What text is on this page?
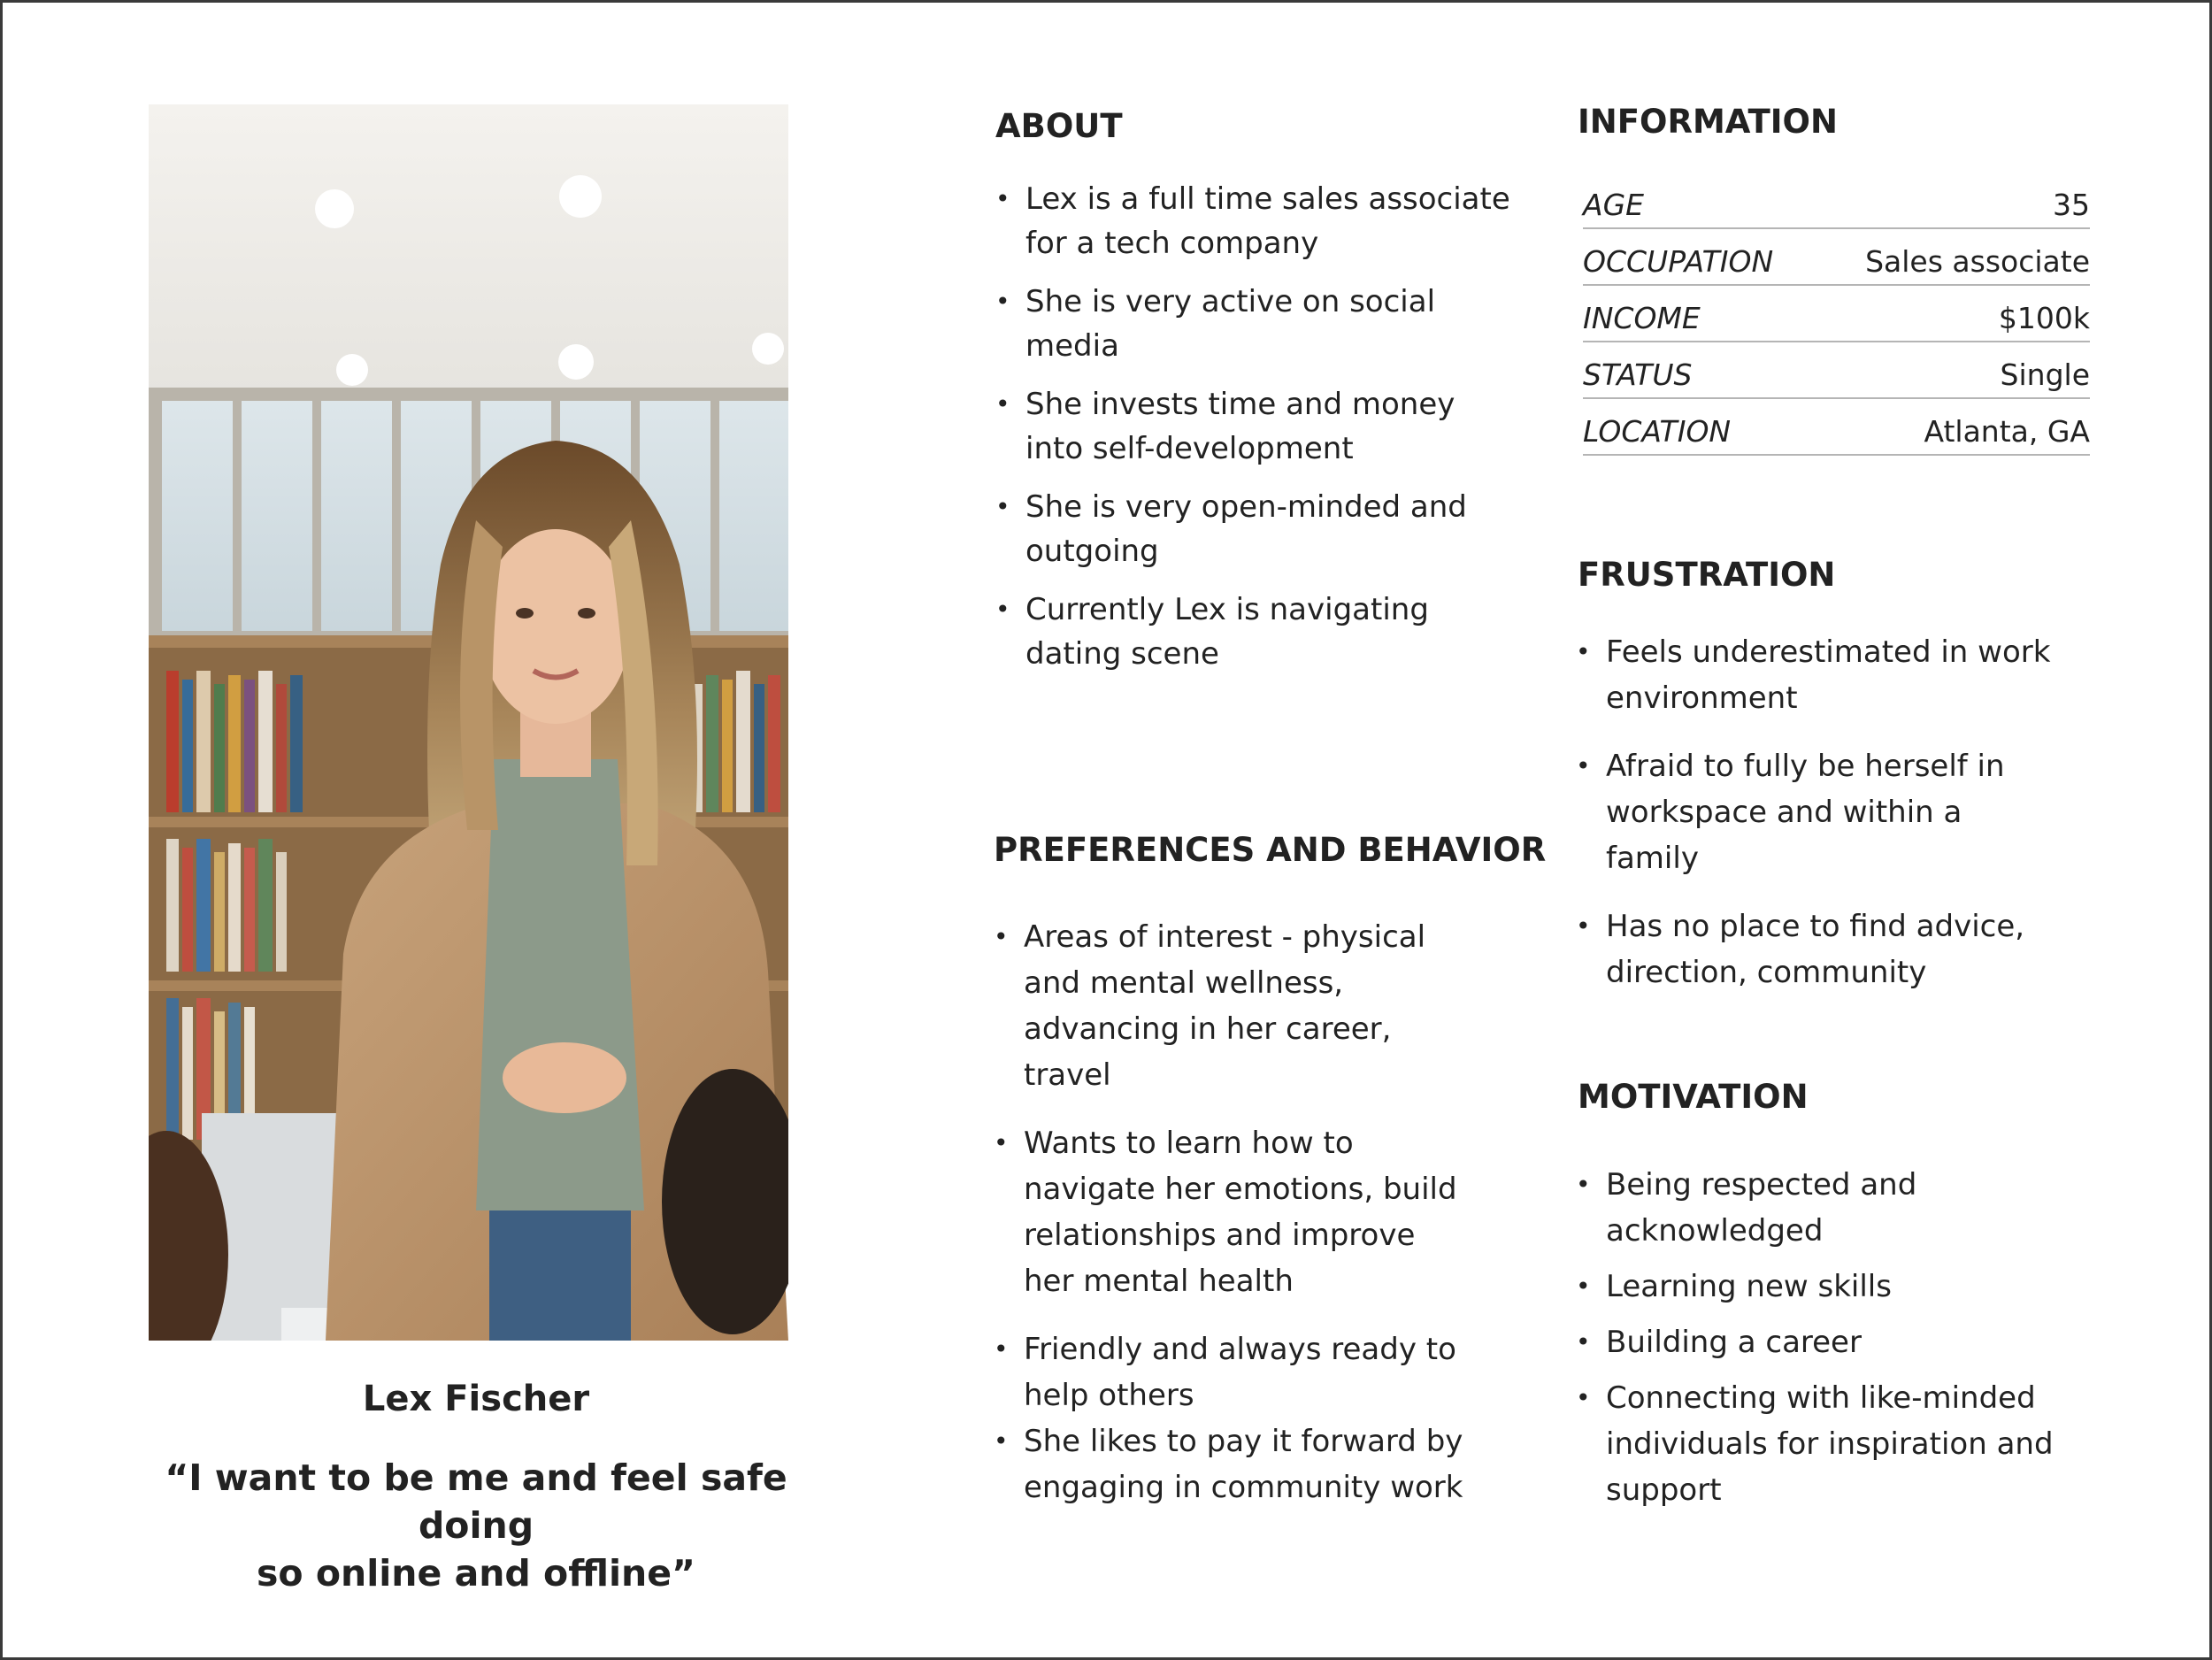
Lex Fischer
“I want to be me and feel safe doing
so online and offline”
ABOUT
• Lex is a full time sales associate
for a tech company
• She is very active on social
media
• She invests time and money
into self-development
• She is very open-minded and
outgoing
• Currently Lex is navigating
dating scene
PREFERENCES AND BEHAVIOR
• Areas of interest - physical
and mental wellness,
advancing in her career,
travel
• Wants to learn how to
navigate her emotions, build
relationships and improve
her mental health
• Friendly and always ready to
help others
• She likes to pay it forward by
engaging in community work
INFORMATION
AGE	35
OCCUPATION	Sales associate
INCOME	$100k
STATUS	Single
LOCATION	Atlanta, GA
FRUSTRATION
• Feels underestimated in work
environment
• Afraid to fully be herself in
workspace and within a
family
• Has no place to find advice,
direction, community
MOTIVATION
• Being respected and
acknowledged
• Learning new skills
• Building a career
• Connecting with like-minded
individuals for inspiration and
support
